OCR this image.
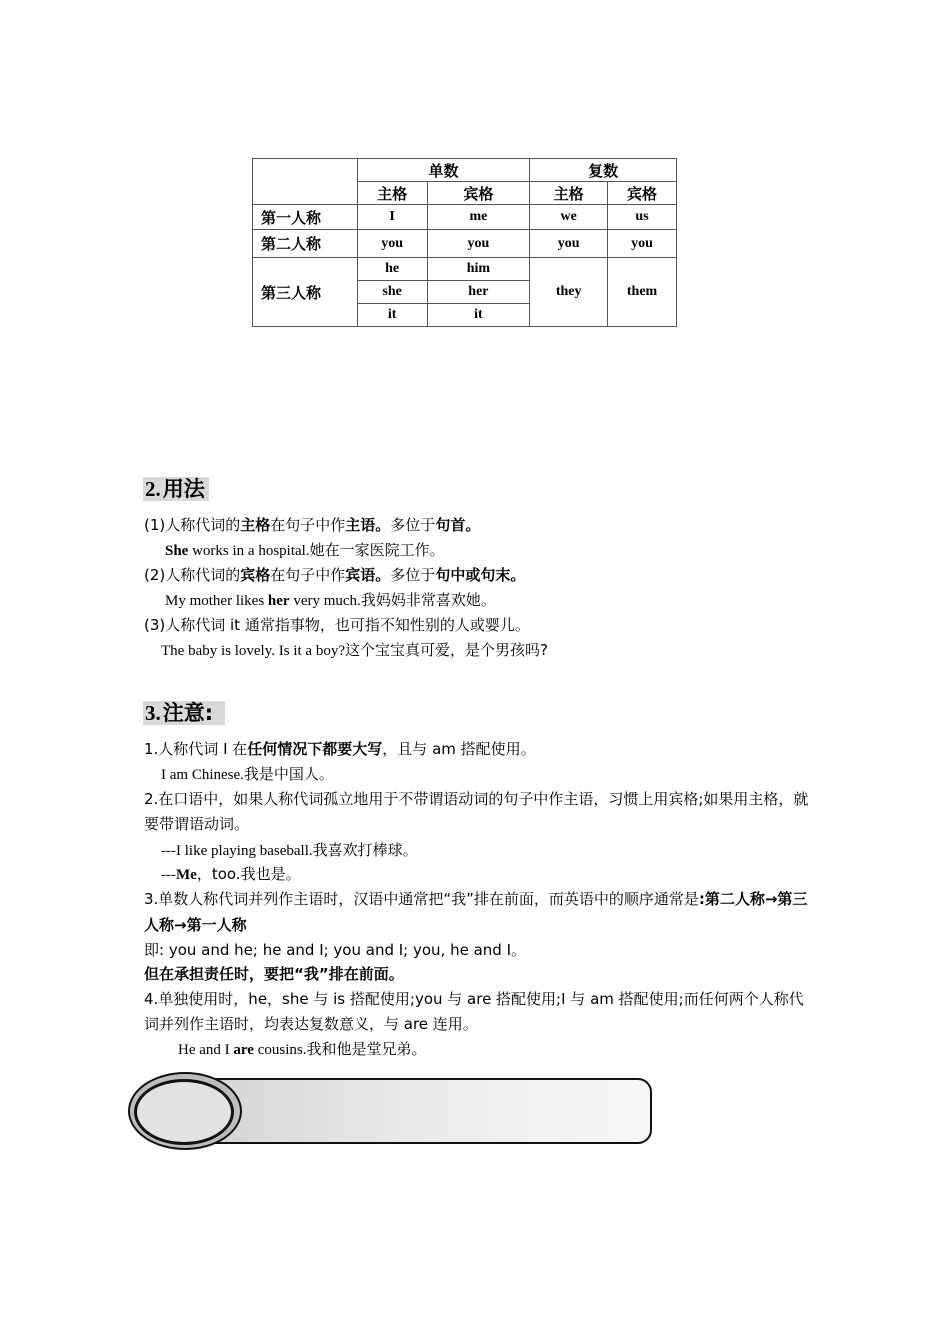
	单数		复数	
	主格	宾格	主格	宾格
第一人称	I	me	we	us
第二人称	you	you	you	you
第三人称	he	him	they	them
	she	her		
	it	it		
2.用法
(1)人称代词的主格在句子中作主语。多位于句首。
She works in a hospital.她在一家医院工作。
(2)人称代词的宾格在句子中作宾语。多位于句中或句末。
My mother likes her very much.我妈妈非常喜欢她。
(3)人称代词 it 通常指事物，也可指不知性别的人或婴儿。
The baby is lovely. Is it a boy?这个宝宝真可爱，是个男孩吗?
3.注意:
1.人称代词 I 在任何情况下都要大写，且与 am 搭配使用。
I am Chinese.我是中国人。
2.在口语中，如果人称代词孤立地用于不带谓语动词的句子中作主语，习惯上用宾格;如果用主格，就要带谓语动词。
---I like playing baseball.我喜欢打棒球。
---Me，too.我也是。
3.单数人称代词并列作主语时，汉语中通常把“我”排在前面，而英语中的顺序通常是:第二人称→第三人称→第一人称
即: you and he; he and I; you and I; you, he and I。
但在承担责任时，要把“我”排在前面。
4.单独使用时，he，she 与 is 搭配使用;you 与 are 搭配使用;I 与 am 搭配使用;而任何两个人称代词并列作主语时，均表达复数意义，与 are 连用。
He and I are cousins.我和他是堂兄弟。
